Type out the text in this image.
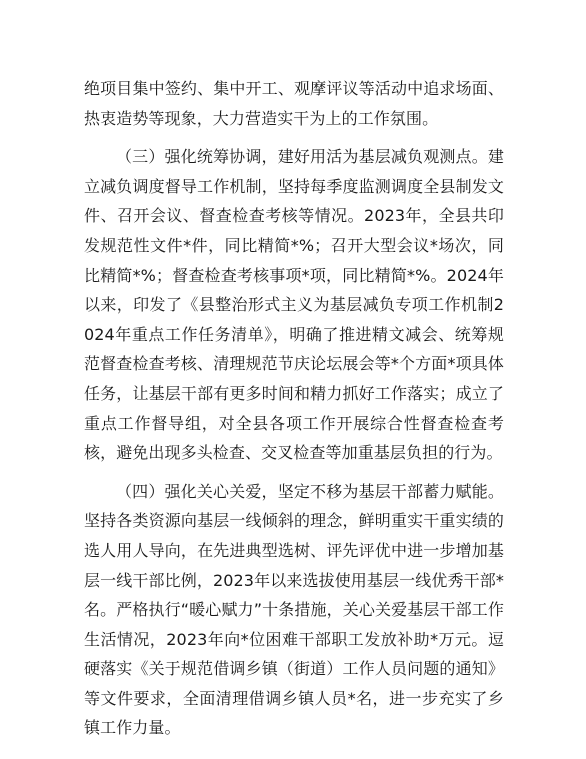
绝项目集中签约、集中开工、观摩评议等活动中追求场面、热衷造势等现象，大力营造实干为上的工作氛围。

（三）强化统筹协调，建好用活为基层减负观测点。建立减负调度督导工作机制，坚持每季度监测调度全县制发文件、召开会议、督查检查考核等情况。2023年，全县共印发规范性文件*件，同比精简*%；召开大型会议*场次，同比精简*%；督查检查考核事项*项，同比精简*%。2024年以来，印发了《县整治形式主义为基层减负专项工作机制2024年重点工作任务清单》，明确了推进精文减会、统筹规范督查检查考核、清理规范节庆论坛展会等*个方面*项具体任务，让基层干部有更多时间和精力抓好工作落实；成立了重点工作督导组，对全县各项工作开展综合性督查检查考核，避免出现多头检查、交叉检查等加重基层负担的行为。

（四）强化关心关爱，坚定不移为基层干部蓄力赋能。坚持各类资源向基层一线倾斜的理念，鲜明重实干重实绩的选人用人导向，在先进典型选树、评先评优中进一步增加基层一线干部比例，2023年以来选拔使用基层一线优秀干部*名。严格执行“暖心赋力”十条措施，关心关爱基层干部工作生活情况，2023年向*位困难干部职工发放补助*万元。逗硬落实《关于规范借调乡镇（街道）工作人员问题的通知》等文件要求，全面清理借调乡镇人员*名，进一步充实了乡镇工作力量。
